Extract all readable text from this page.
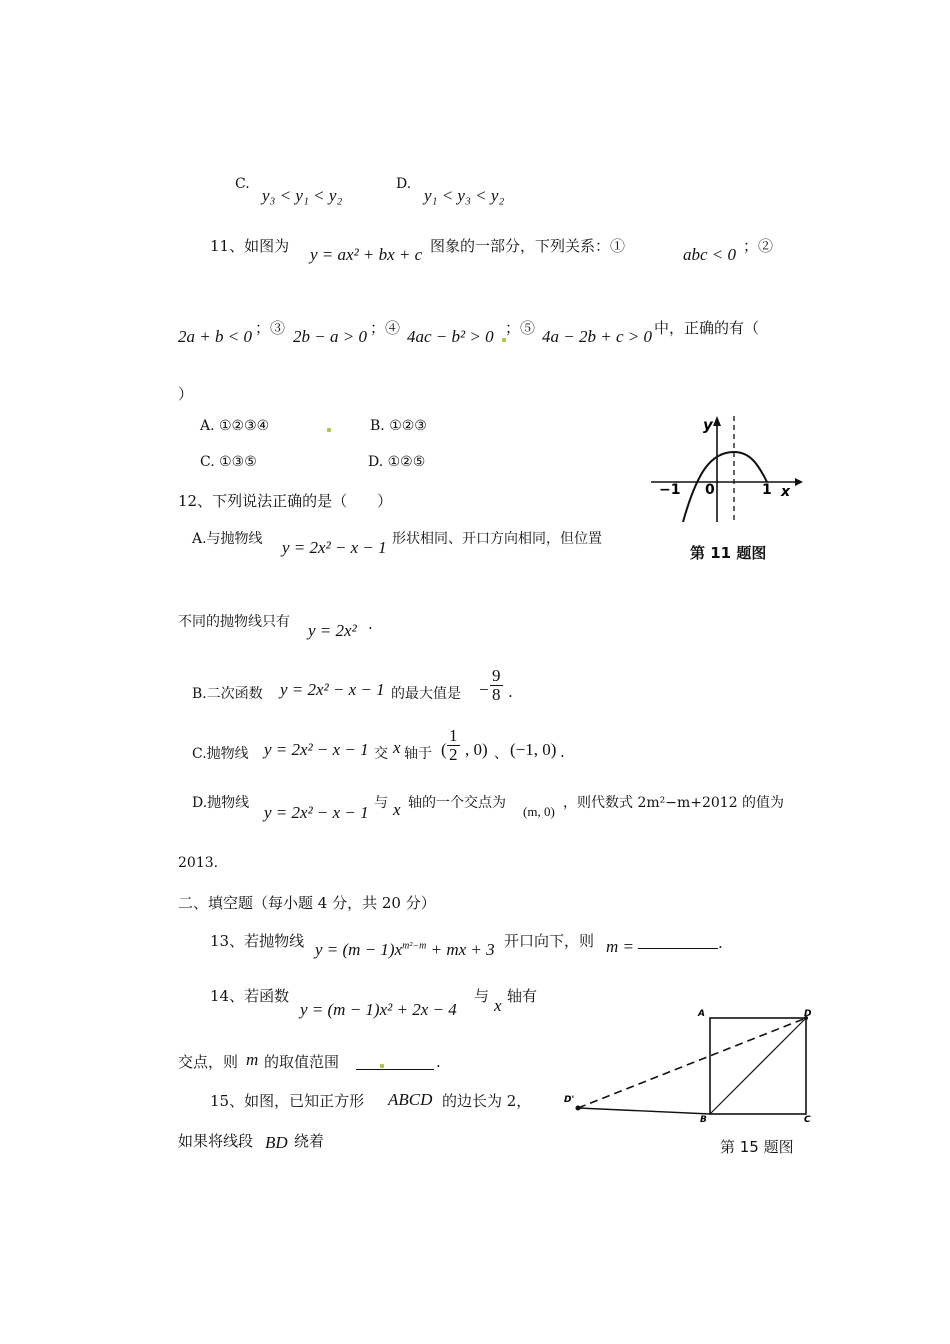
C.
y₃ < y₁ < y₂
D.
y₁ < y₃ < y₂
11、如图为 y = ax² + bx + c 图象的一部分，下列关系：①	abc < 0 ；②
2a + b < 0 ；③ 2b − a > 0 ；④ 4ac − b² > 0 ；⑤ 4a − 2b + c > 0 中，正确的有（
）
A. ①②③④	B. ①②③
C. ①③⑤	D. ①②⑤
y
x
−1 0	1
第 11 题图
12、下列说法正确的是（　　）
A.与抛物线 y = 2x² − x − 1 形状相同、开口方向相同，但位置
不同的抛物线只有 y = 2x² .
B.二次函数 y = 2x² − x − 1 的最大值是 − $\frac{9}{8}$ .
C.抛物线 y = 2x² − x − 1 交 x 轴于 ( $\frac{1}{2}$ , 0) 、 (−1, 0) .
D.抛物线 y = 2x² − x − 1 与 x 轴的一个交点为
(m, 0)
，则代数式 2m²−m+2012 的值为
2013.
二、填空题（每小题 4 分，共 20 分）
13、若抛物线 $y = (m - 1)x^{m^2-m}$ + mx + 3 开口向下，则 m =	.
14、若函数
y = (m − 1)x² + 2x − 4
与 x 轴有
交点，则 m 的取值范围	.
15、如图，已知正方形 ABCD 的边长为 2，
如果将线段 BD 绕着
A	D
D'
B	C
第 15 题图
